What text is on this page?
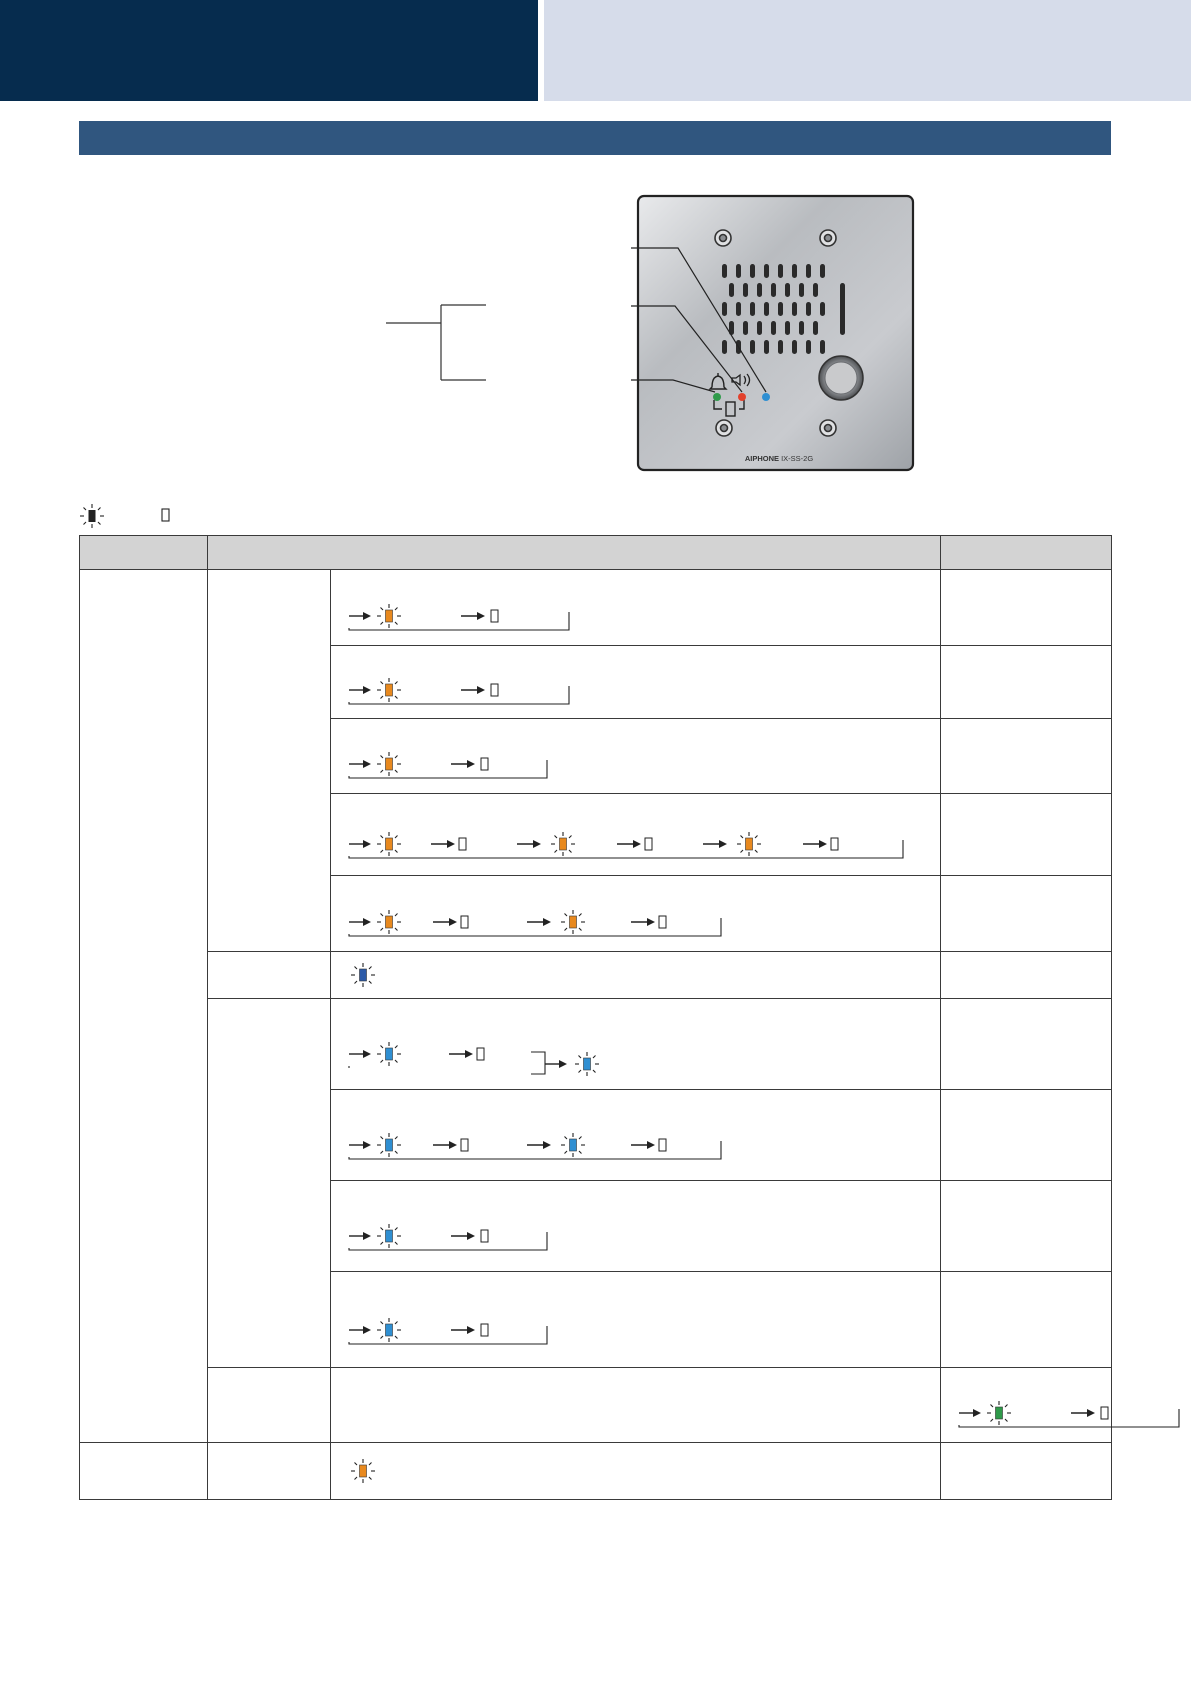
AIPHONE IX-SS-2G
